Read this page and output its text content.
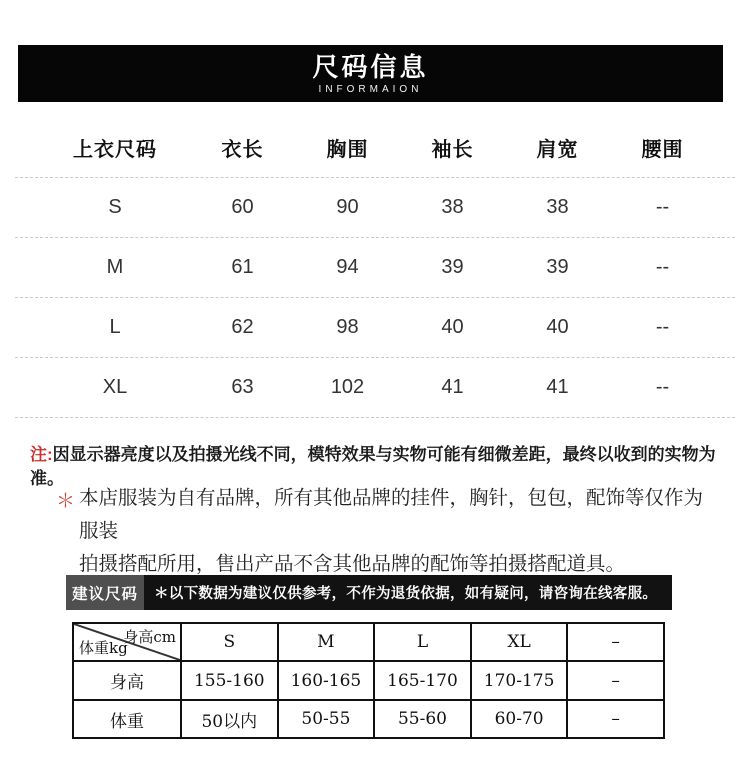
尺码信息
INFORMAION
上衣尺码	衣长	胸围	袖长	肩宽	腰围
S	60	90	38	38	--
M	61	94	39	39	--
L	62	98	40	40	--
XL	63	102	41	41	--

注:因显示器亮度以及拍摄光线不同，模特效果与实物可能有细微差距，最终以收到的实物为准。

＊ 本店服装为自有品牌，所有其他品牌的挂件，胸针，包包，配饰等仅作为服装
拍摄搭配所用，售出产品不含其他品牌的配饰等拍摄搭配道具。
建议尺码	＊以下数据为建议仅供参考，不作为退货依据，如有疑问，请咨询在线客服。
身高cm
体重kg	S	M	L	XL	–
身高	155-160	160-165	165-170	170-175	–
体重	50以内	50-55	55-60	60-70	–
